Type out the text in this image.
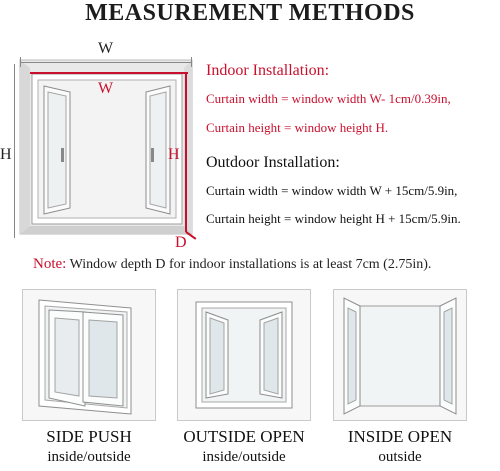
MEASUREMENT METHODS
W
H
W
H
D
Indoor Installation:
Curtain width = window width W- 1cm/0.39in,
Curtain height = window height H.
Outdoor Installation:
Curtain width = window width W + 15cm/5.9in,
Curtain height = window height H + 15cm/5.9in.
Note: Window depth D for indoor installations is at least 7cm (2.75in).
SIDE PUSH
inside/outside
OUTSIDE OPEN
inside/outside
INSIDE OPEN
outside
